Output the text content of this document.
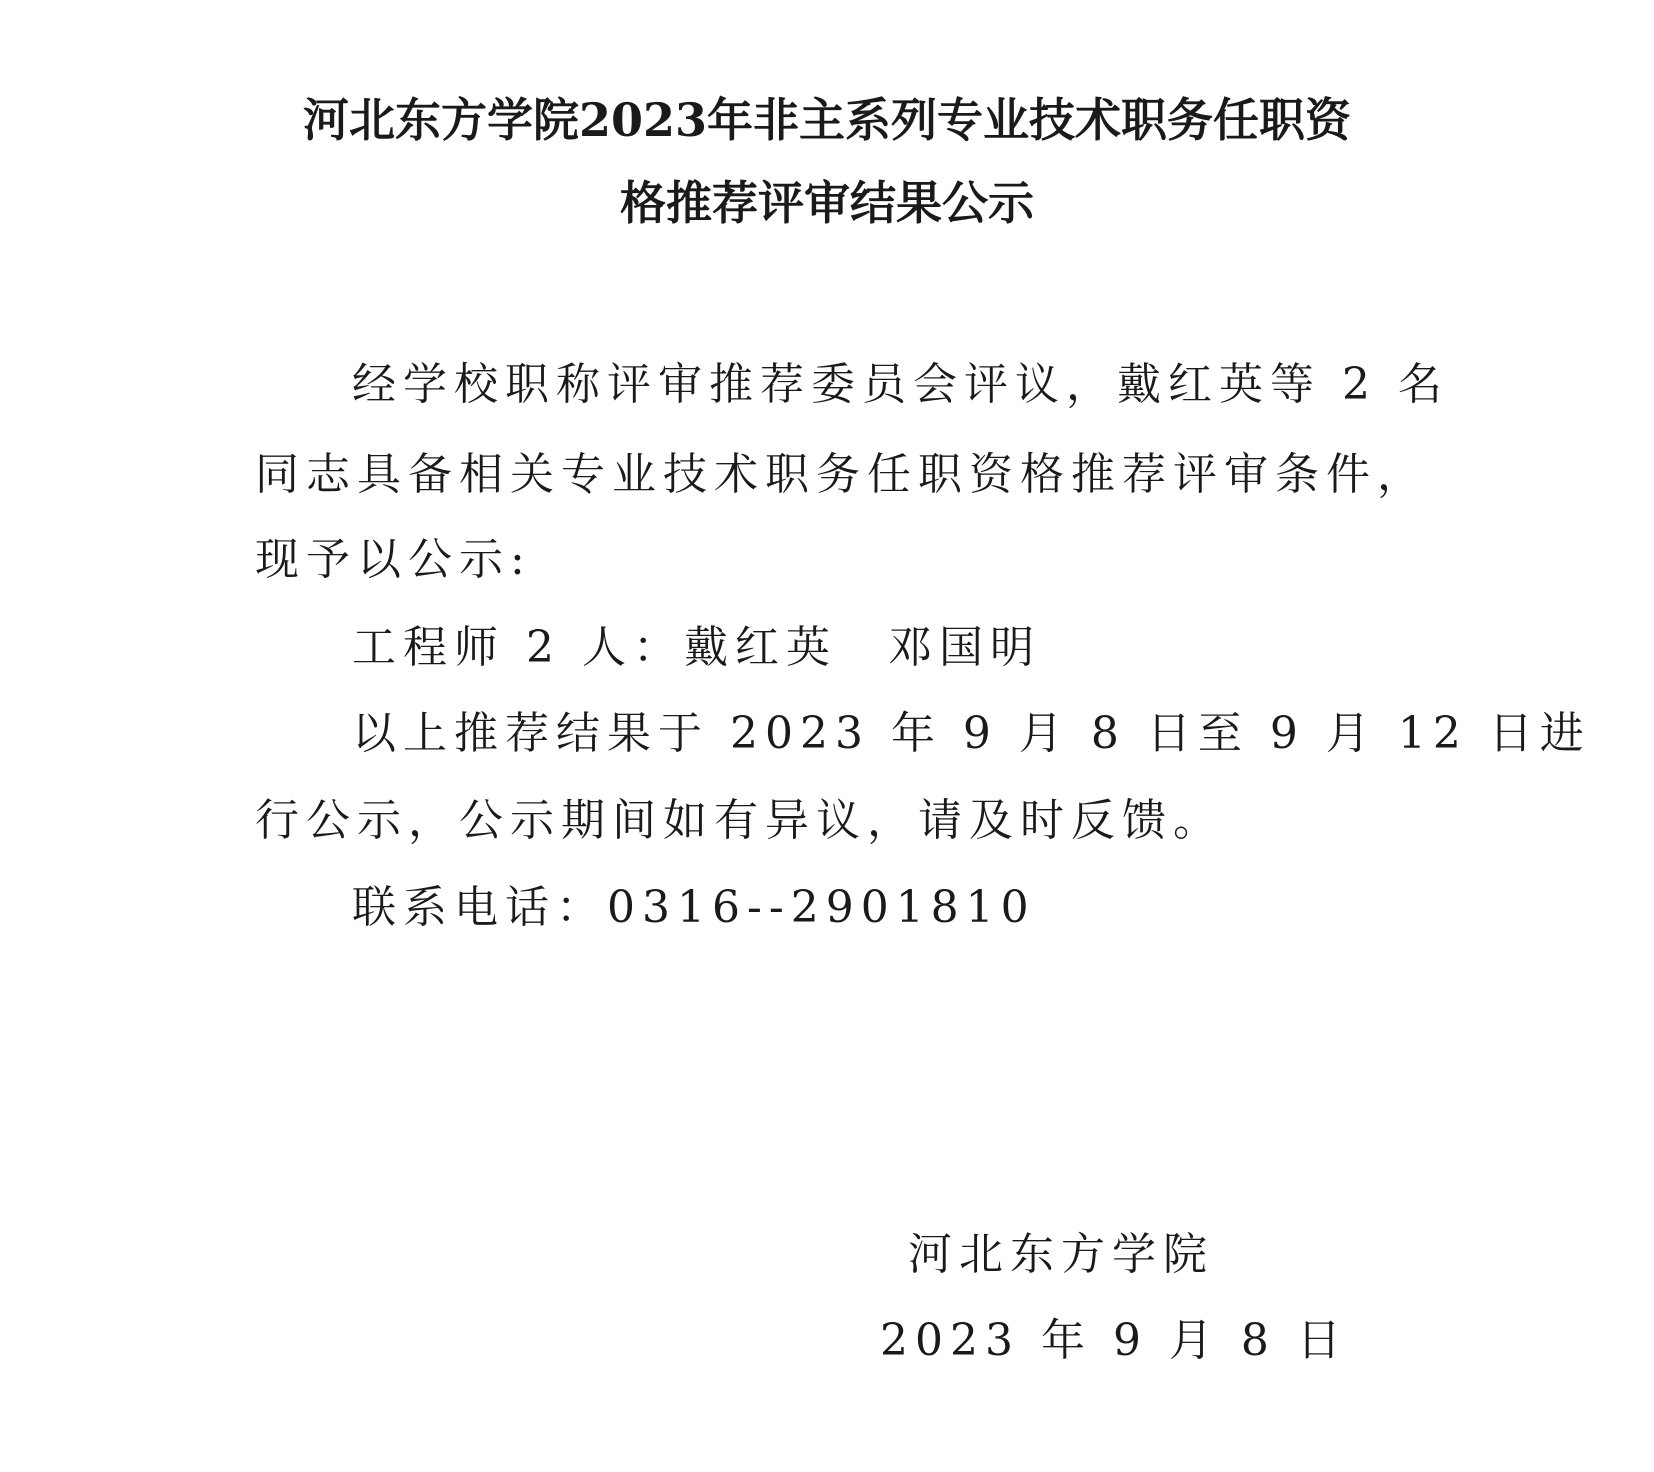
河北东方学院2023年非主系列专业技术职务任职资
格推荐评审结果公示
经学校职称评审推荐委员会评议，戴红英等 2 名
同志具备相关专业技术职务任职资格推荐评审条件，
现予以公示:
工程师 2 人：戴红英　邓国明
以上推荐结果于 2023 年 9 月 8 日至 9 月 12 日进
行公示，公示期间如有异议，请及时反馈。
联系电话：0316--2901810
河北东方学院
2023 年 9 月 8 日
